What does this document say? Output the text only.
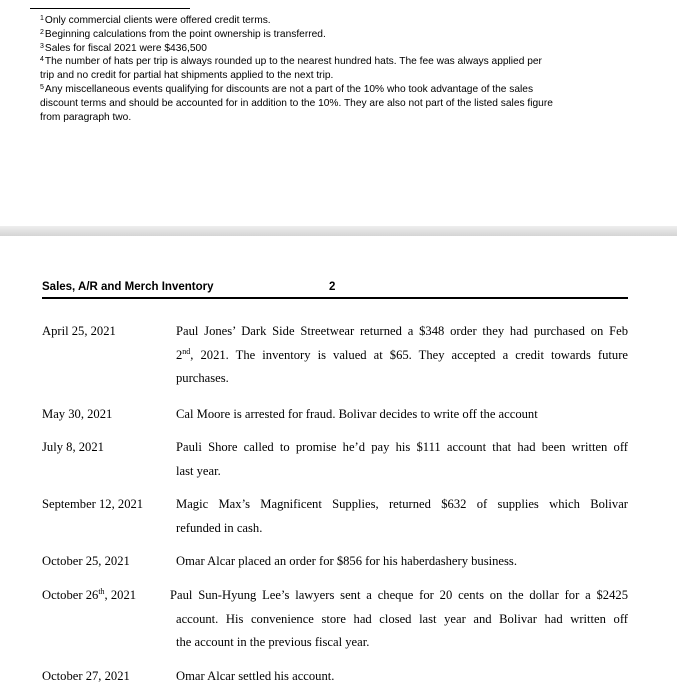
$^1$Only commercial clients were offered credit terms.

$^2$Beginning calculations from the point ownership is transferred.

$^3$Sales for fiscal 2021 were $436,500

$^4$The number of hats per trip is always rounded up to the nearest hundred hats. The fee was always applied per
trip and no credit for partial hat shipments applied to the next trip.

$^5$Any miscellaneous events qualifying for discounts are not a part of the 10% who took advantage of the sales
discount terms and should be accounted for in addition to the 10%. They are also not part of the listed sales figure
from paragraph two.

Sales, A/R and Merch Inventory	2
April 25, 2021	Paul Jones’ Dark Side Streetwear returned a $348 order they had purchased on Feb
2nd, 2021. The inventory is valued at $65. They accepted a credit towards future
purchases.
May 30, 2021	Cal Moore is arrested for fraud. Bolivar decides to write off the account
July 8, 2021	Pauli Shore called to promise he’d pay his $111 account that had been written off
last year.
September 12, 2021	Magic Max’s Magnificent Supplies, returned $632 of supplies which Bolivar
refunded in cash.
October 25, 2021	Omar Alcar placed an order for $856 for his haberdashery business.
October 26th, 2021	Paul Sun-Hyung Lee’s lawyers sent a cheque for 20 cents on the dollar for a $2425
account. His convenience store had closed last year and Bolivar had written off
the account in the previous fiscal year.
October 27, 2021	Omar Alcar settled his account.
